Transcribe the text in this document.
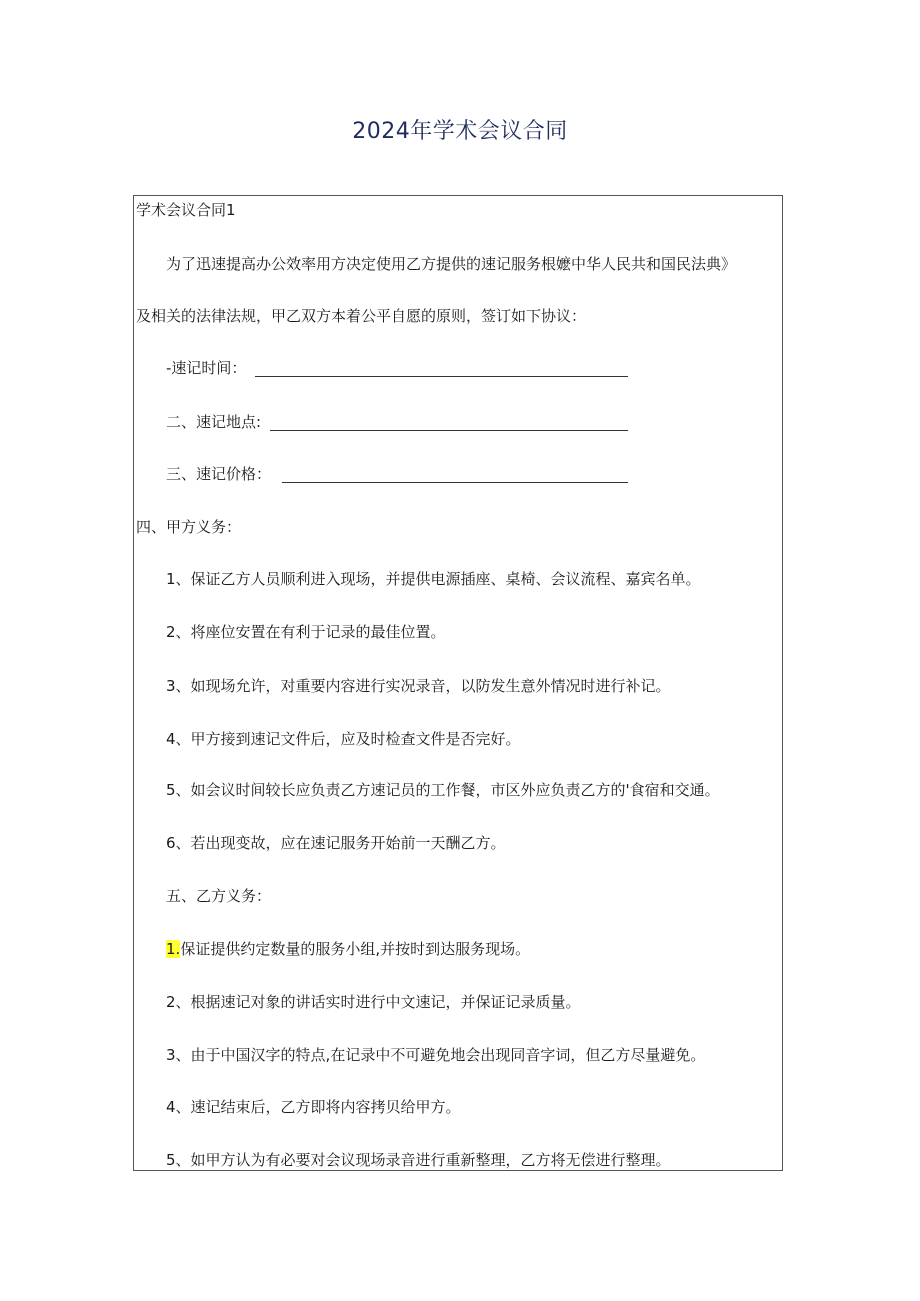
2024年学术会议合同
学术会议合同1
为了迅速提高办公效率用方决定使用乙方提供的速记服务根嬷中华人民共和国民法典》
及相关的法律法规，甲乙双方本着公平自愿的原则，签订如下协议：
-速记时间：
二、速记地点:
三、速记价格：
四、甲方义务：
1、保证乙方人员顺利进入现场，并提供电源插座、桌椅、会议流程、嘉宾名单。
2、将座位安置在有利于记录的最佳位置。
3、如现场允许，对重要内容进行实况录音，以防发生意外情况时进行补记。
4、甲方接到速记文件后，应及时检查文件是否完好。
5、如会议时间较长应负责乙方速记员的工作餐，市区外应负责乙方的'食宿和交通。
6、若出现变故，应在速记服务开始前一天酬乙方。
五、乙方义务：
1.保证提供约定数量的服务小组,并按时到达服务现场。
2、根据速记对象的讲话实时进行中文速记，并保证记录质量。
3、由于中国汉字的特点,在记录中不可避免地会出现同音字词，但乙方尽量避免。
4、速记结束后，乙方即将内容拷贝给甲方。
5、如甲方认为有必要对会议现场录音进行重新整理，乙方将无偿进行整理。
